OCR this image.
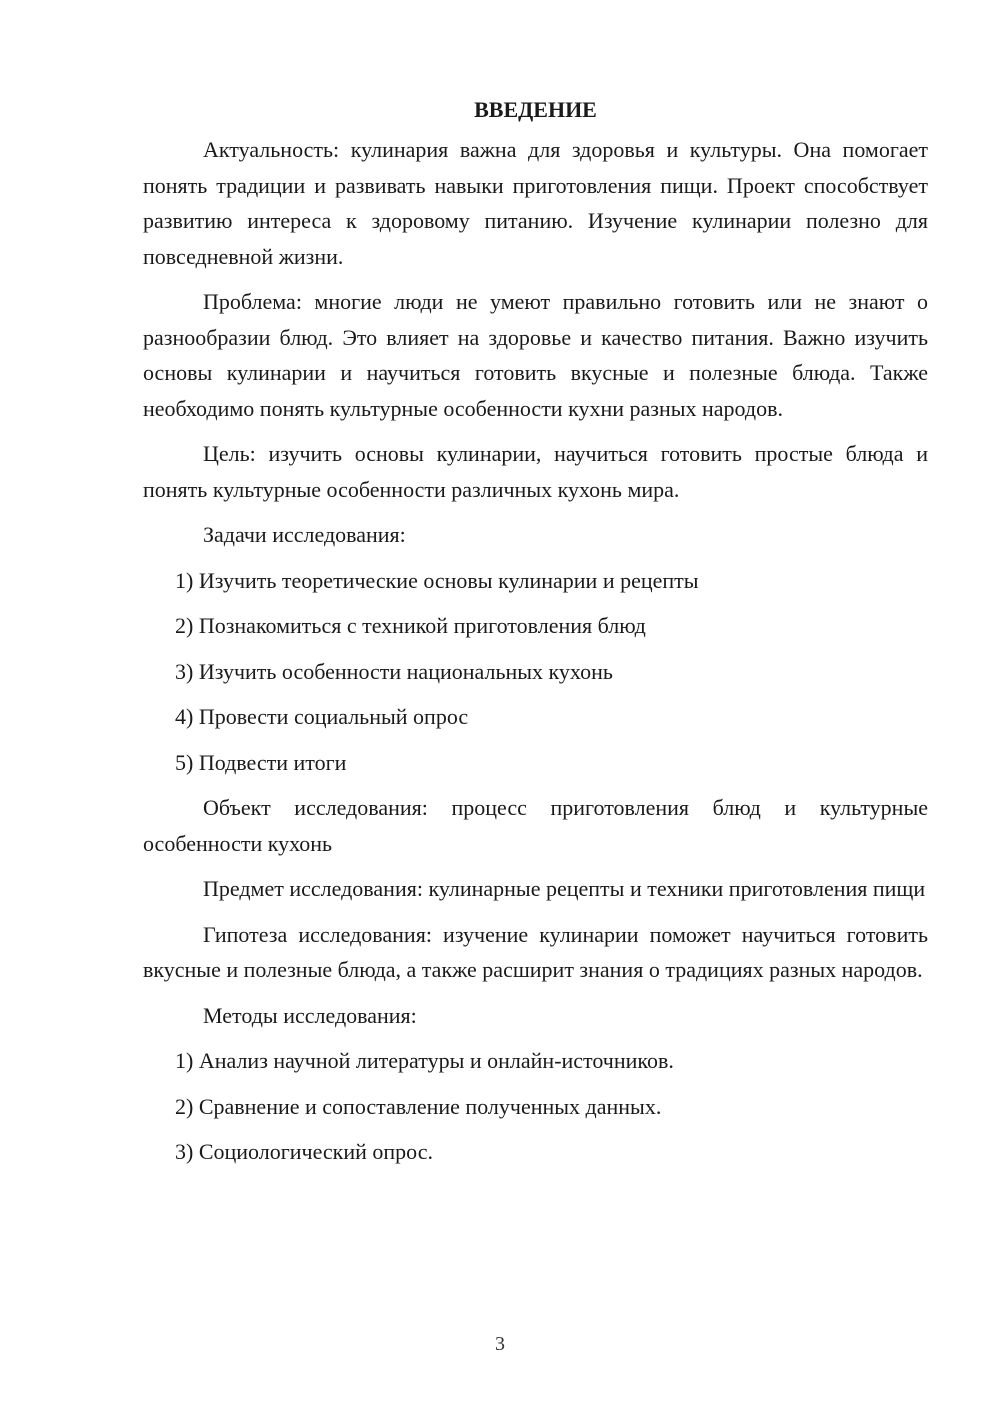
ВВЕДЕНИЕ

Актуальность: кулинария важна для здоровья и культуры. Она помогает понять традиции и развивать навыки приготовления пищи. Проект способствует развитию интереса к здоровому питанию. Изучение кулинарии полезно для повседневной жизни.

Проблема: многие люди не умеют правильно готовить или не знают о разнообразии блюд. Это влияет на здоровье и качество питания. Важно изучить основы кулинарии и научиться готовить вкусные и полезные блюда. Также необходимо понять культурные особенности кухни разных народов.

Цель: изучить основы кулинарии, научиться готовить простые блюда и понять культурные особенности различных кухонь мира.

Задачи исследования:

1) Изучить теоретические основы кулинарии и рецепты
2) Познакомиться с техникой приготовления блюд
3) Изучить особенности национальных кухонь
4) Провести социальный опрос
5) Подвести итоги

Объект исследования: процесс приготовления блюд и культурные особенности кухонь

Предмет исследования: кулинарные рецепты и техники приготовления пищи

Гипотеза исследования: изучение кулинарии поможет научиться готовить вкусные и полезные блюда, а также расширит знания о традициях разных народов.

Методы исследования:

1) Анализ научной литературы и онлайн-источников.
2) Сравнение и сопоставление полученных данных.
3) Социологический опрос.
3
